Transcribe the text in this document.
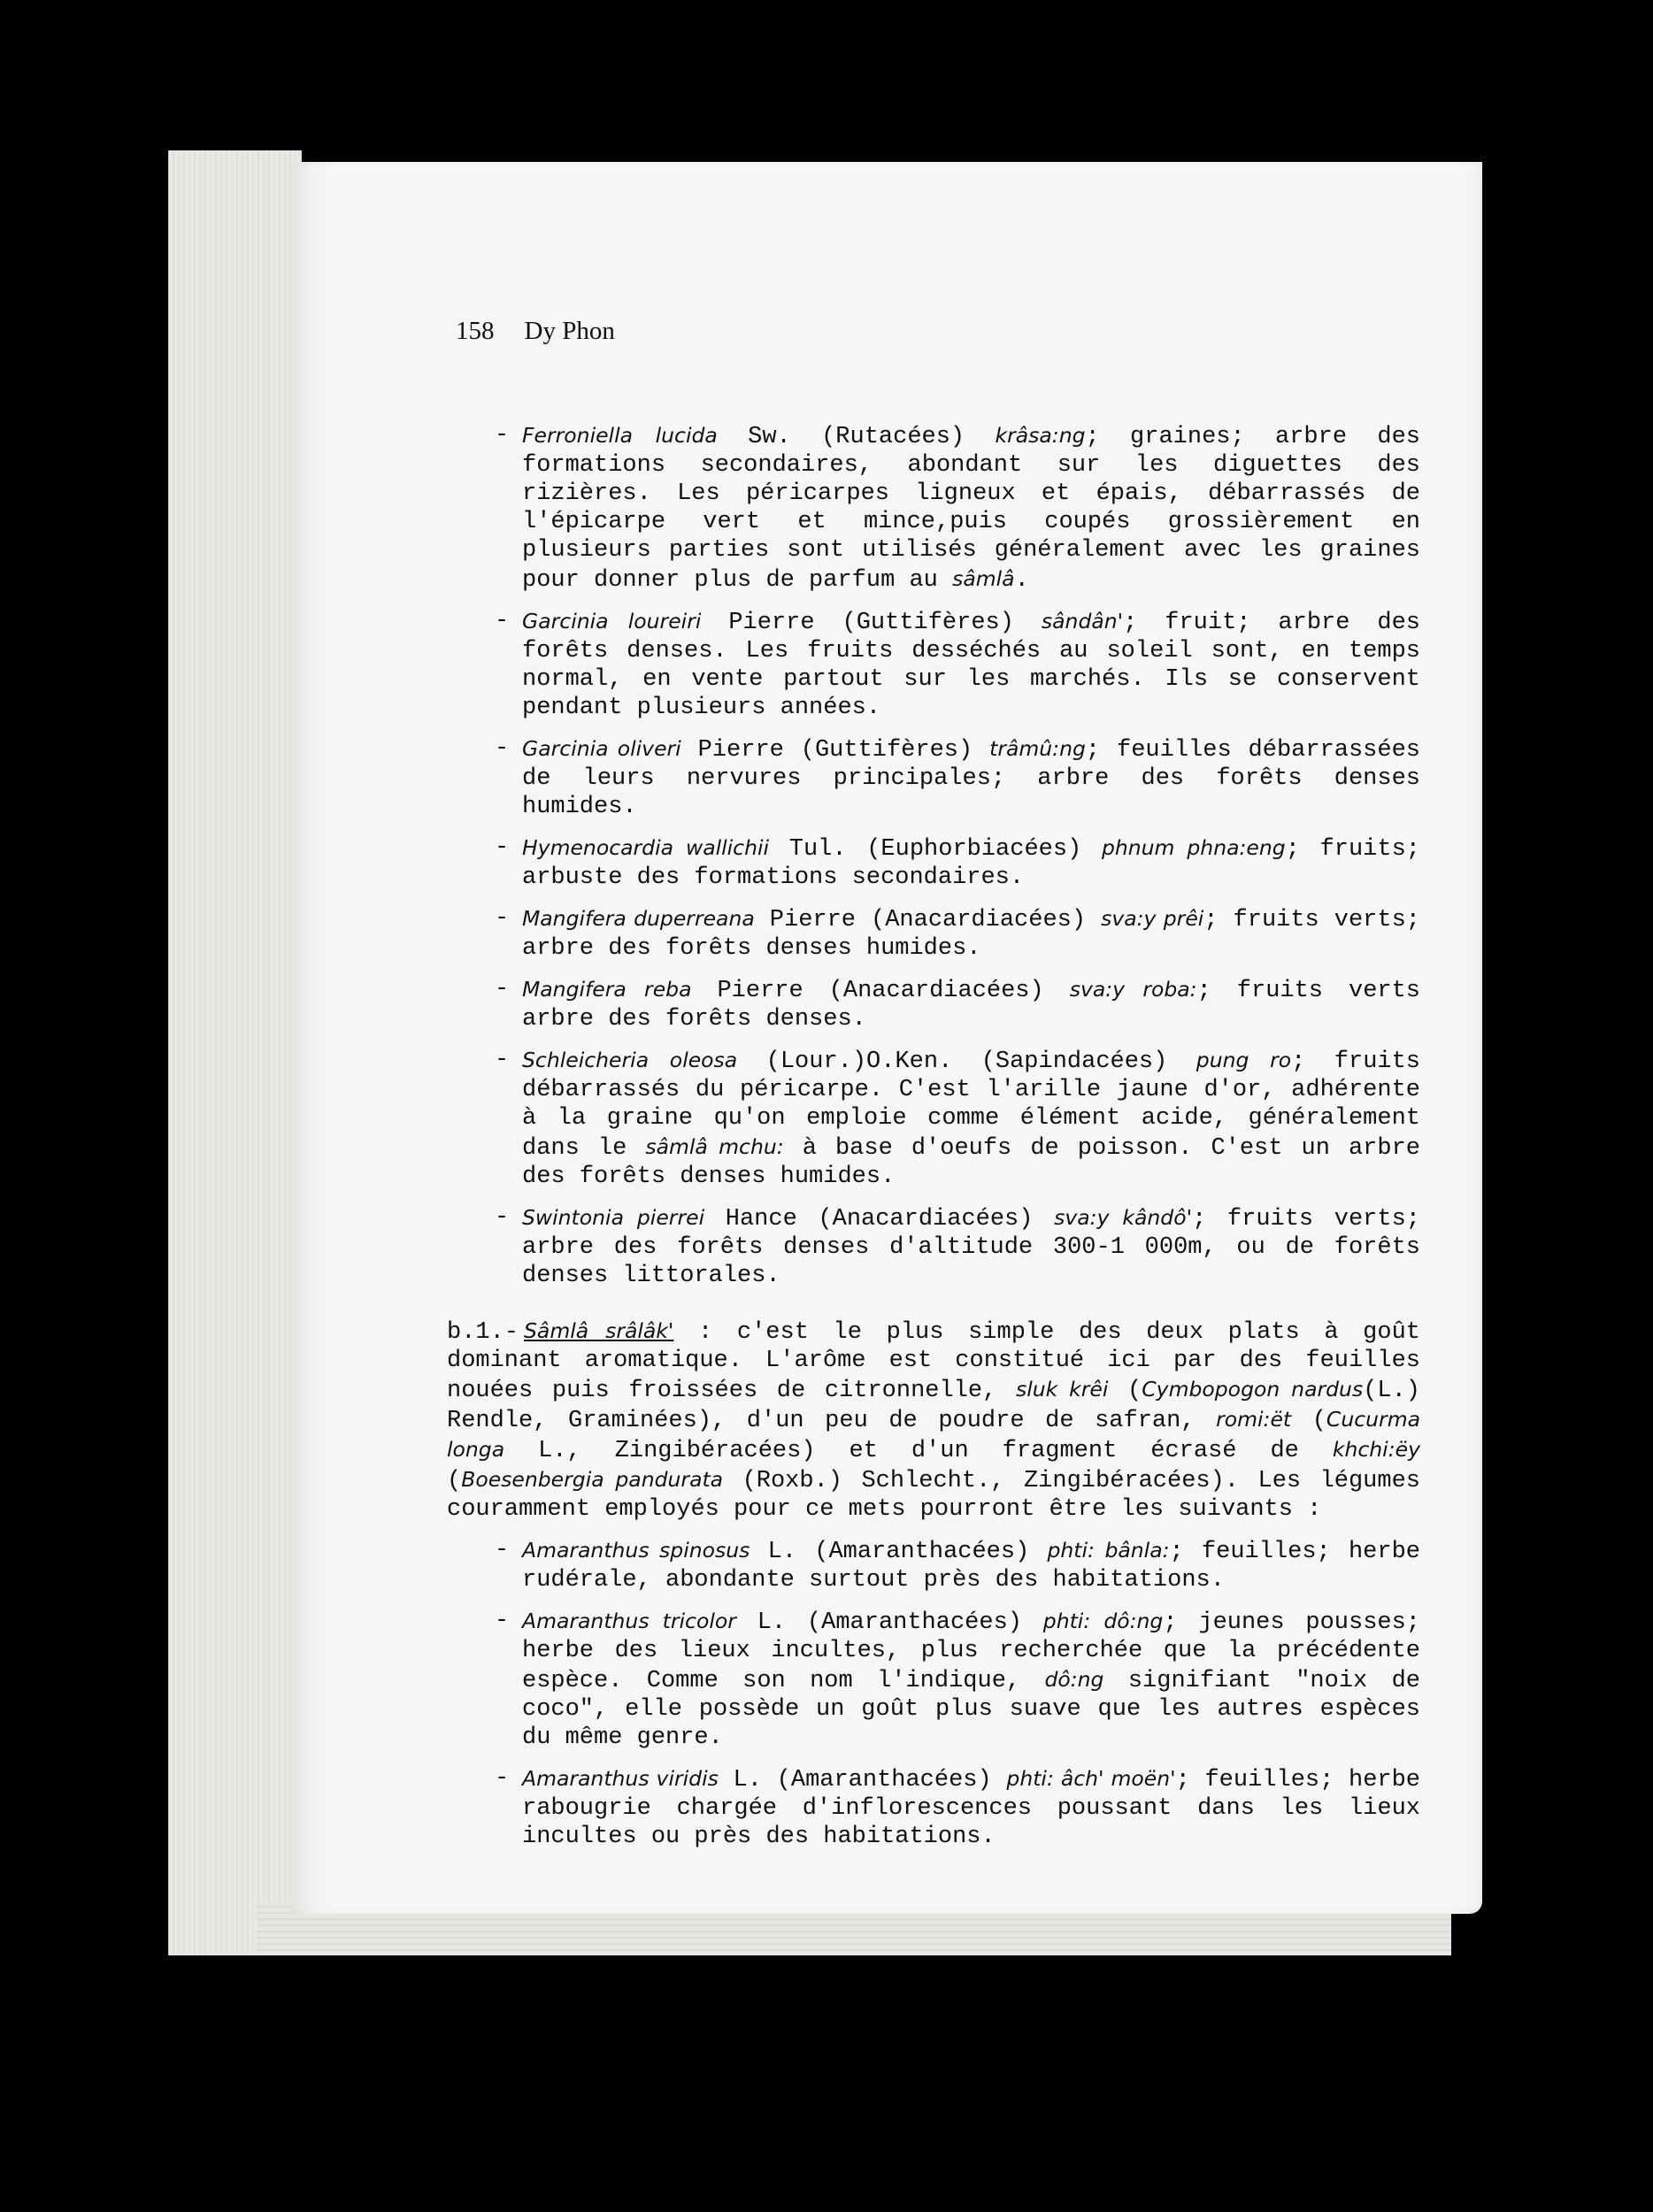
158 Dy Phon
- Ferroniella lucida Sw. (Rutacées) krâsa:ng; graines; arbre des formations secondaires, abondant sur les diguettes des rizières. Les péricarpes ligneux et épais, débarrassés de l'épicarpe vert et mince,puis coupés grossièrement en plusieurs parties sont utilisés généralement avec les graines pour donner plus de parfum au sâmlâ.
- Garcinia loureiri Pierre (Guttifères) sândân'; fruit; arbre des forêts denses. Les fruits desséchés au soleil sont, en temps normal, en vente partout sur les marchés. Ils se conservent pendant plusieurs années.
- Garcinia oliveri Pierre (Guttifères) trâmû:ng; feuilles débarrassées de leurs nervures principales; arbre des forêts denses humides.
- Hymenocardia wallichii Tul. (Euphorbiacées) phnum phna:eng; fruits; arbuste des formations secondaires.
- Mangifera duperreana Pierre (Anacardiacées) sva:y prêi; fruits verts; arbre des forêts denses humides.
- Mangifera reba Pierre (Anacardiacées) sva:y roba:; fruits verts arbre des forêts denses.
- Schleicheria oleosa (Lour.)O.Ken. (Sapindacées) pung ro; fruits débarrassés du péricarpe. C'est l'arille jaune d'or, adhérente à la graine qu'on emploie comme élément acide, généralement dans le sâmlâ mchu: à base d'oeufs de poisson. C'est un arbre des forêts denses humides.
- Swintonia pierrei Hance (Anacardiacées) sva:y kândô'; fruits verts; arbre des forêts denses d'altitude 300-1 000m, ou de forêts denses littorales.
b.1.- Sâmlâ srâlâk' : c'est le plus simple des deux plats à goût dominant aromatique. L'arôme est constitué ici par des feuilles nouées puis froissées de citronnelle, sluk krêi (Cymbopogon nardus(L.) Rendle, Graminées), d'un peu de poudre de safran, romi:ët (Cucurma longa L., Zingibéracées) et d'un fragment écrasé de khchi:ëy (Boesenbergia pandurata (Roxb.) Schlecht., Zingibéracées). Les légumes couramment employés pour ce mets pourront être les suivants :
- Amaranthus spinosus L. (Amaranthacées) phti: bânla:; feuilles; herbe rudérale, abondante surtout près des habitations.
- Amaranthus tricolor L. (Amaranthacées) phti: dô:ng; jeunes pousses; herbe des lieux incultes, plus recherchée que la précédente espèce. Comme son nom l'indique, dô:ng signifiant "noix de coco", elle possède un goût plus suave que les autres espèces du même genre.
- Amaranthus viridis L. (Amaranthacées) phti: âch' moën'; feuilles; herbe rabougrie chargée d'inflorescences poussant dans les lieux incultes ou près des habitations.
